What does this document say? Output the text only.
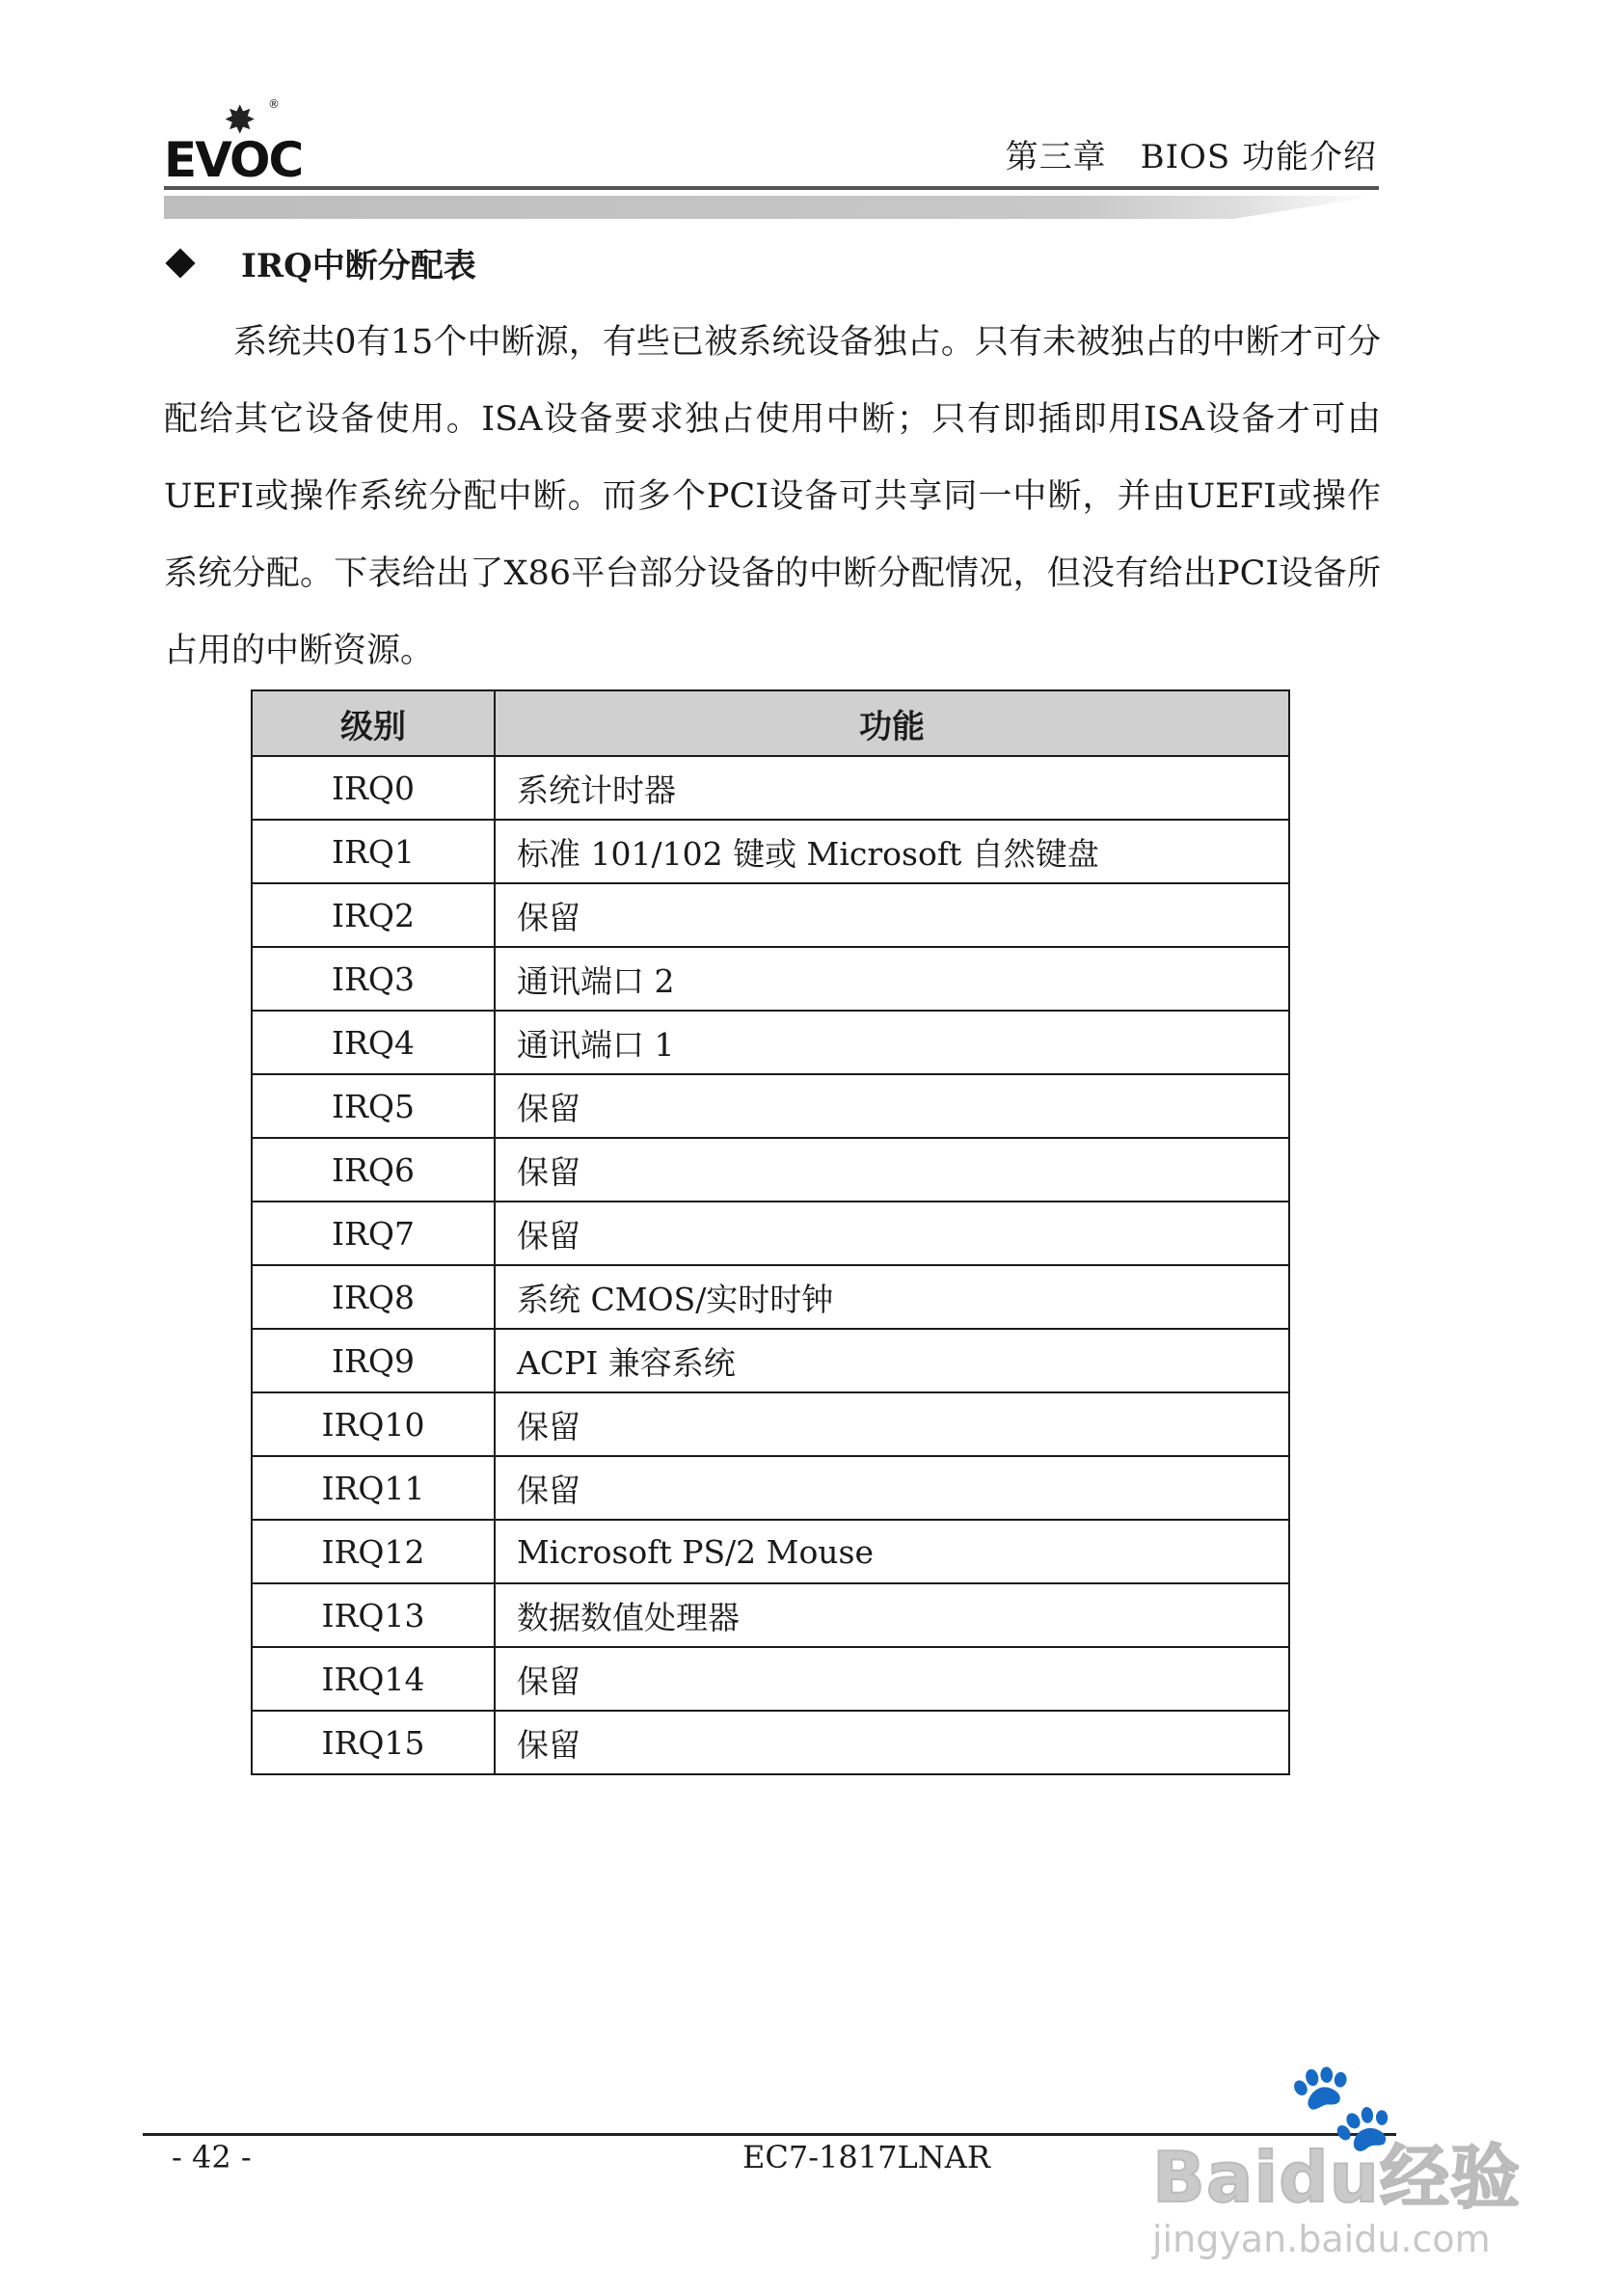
✸ ®
EVOC	第三章　BIOS 功能介绍
IRQ中断分配表

系统共0有15个中断源，有些已被系统设备独占。只有未被独占的中断才可分配给其它设备使用。ISA设备要求独占使用中断；只有即插即用ISA设备才可由UEFI或操作系统分配中断。而多个PCI设备可共享同一中断，并由UEFI或操作系统分配。下表给出了X86平台部分设备的中断分配情况，但没有给出PCI设备所占用的中断资源。

级别	功能
IRQ0	系统计时器
IRQ1	标准 101/102 键或 Microsoft 自然键盘
IRQ2	保留
IRQ3	通讯端口 2
IRQ4	通讯端口 1
IRQ5	保留
IRQ6	保留
IRQ7	保留
IRQ8	系统 CMOS/实时时钟
IRQ9	ACPI 兼容系统
IRQ10	保留
IRQ11	保留
IRQ12	Microsoft PS/2 Mouse
IRQ13	数据数值处理器
IRQ14	保留
IRQ15	保留
- 42 -	EC7-1817LNAR	🐾
Baidu经验
jingyan.baidu.com
